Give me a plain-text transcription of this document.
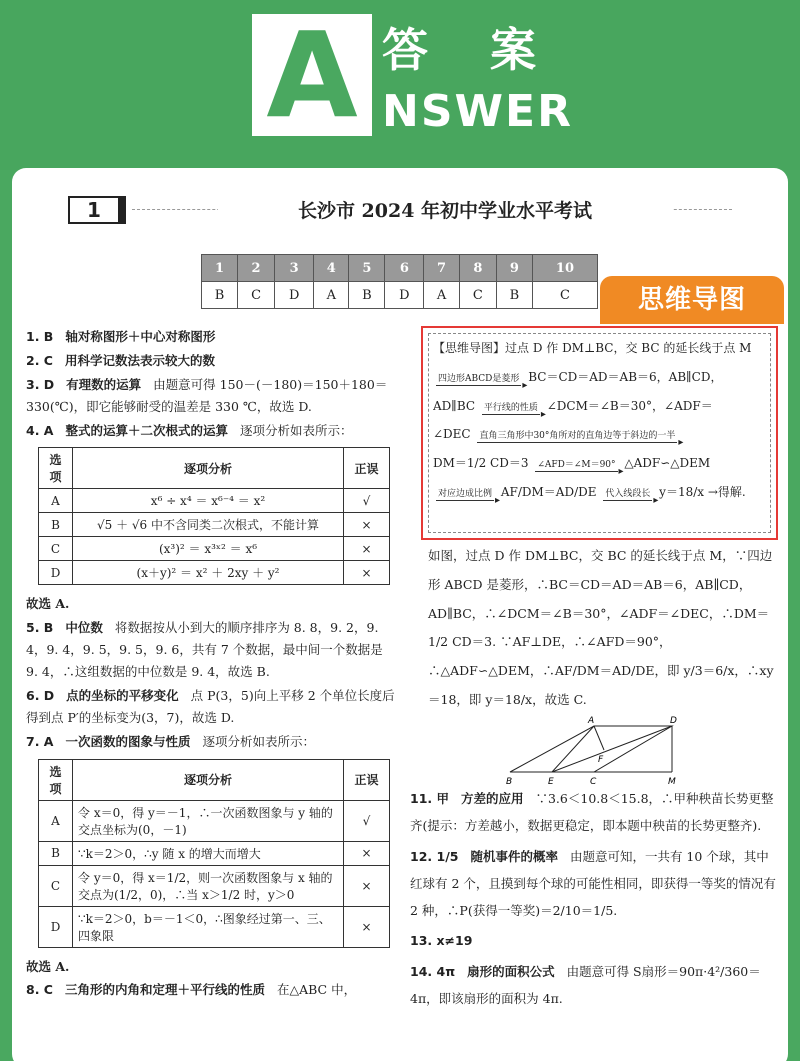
A 答案
NSWER
1	长沙市 2024 年初中学业水平考试
1	2	3	4	5	6	7	8	9	10
B	C	D	A	B	D	A	C	B	C	思维导图

1. B 轴对称图形＋中心对称图形

2. C 用科学记数法表示较大的数

3. D 有理数的运算 由题意可得 150－(－180)＝150＋180＝330(℃)，即它能够耐受的温差是 330 ℃，故选 D.

4. A 整式的运算＋二次根式的运算 逐项分析如表所示：

选项	逐项分析	正误
A	x⁶ ÷ x⁴ ＝ x⁶⁻⁴ ＝ x²	√
B	√5 ＋ √6 中不含同类二次根式，不能计算	×
C	(x³)² ＝ x³ˣ² ＝ x⁶	×
D	(x＋y)² ＝ x² ＋ 2xy ＋ y²	×

故选 A.

5. B 中位数 将数据按从小到大的顺序排序为 8. 8，9. 2，9. 4，9. 4，9. 5，9. 5，9. 6，共有 7 个数据，最中间一个数据是 9. 4，∴这组数据的中位数是 9. 4，故选 B.

6. D 点的坐标的平移变化 点 P(3，5)向上平移 2 个单位长度后得到点 P′的坐标变为(3，7)，故选 D.

7. A 一次函数的图象与性质 逐项分析如表所示：

选项	逐项分析	正误
A	令 x＝0，得 y＝－1，∴一次函数图象与 y 轴的交点坐标为(0，－1)	√
B	∵k＝2＞0，∴y 随 x 的增大而增大	×
C	令 y＝0，得 x＝1/2，则一次函数图象与 x 轴的交点为(1/2，0)，∴当 x＞1/2 时，y＞0	×
D	∵k＝2＞0，b＝－1＜0，∴图象经过第一、三、四象限	×

故选 A.

8. C 三角形的内角和定理＋平行线的性质 在△ABC 中，

【思维导图】过点 D 作 DM⊥BC，交 BC 的延长线于点 M
四边形ABCD是菱形 ▸ BC＝CD＝AD＝AB＝6，AB∥CD，
AD∥BC 平行线的性质 ▸ ∠DCM＝∠B＝30°，∠ADF＝
∠DEC 直角三角形中30°角所对的直角边等于斜边的一半 ▸
DM＝1/2 CD＝3 ∠AFD＝∠M＝90° ▸ △ADF∽△DEM
对应边成比例 ▸ AF/DM＝AD/DE 代入线段长 ▸ y＝18/x →得解.
如图，过点 D 作 DM⊥BC，交 BC 的延长线于点 M，∵四边形 ABCD 是菱形，∴BC＝CD＝AD＝AB＝6，AB∥CD，AD∥BC，∴∠DCM＝∠B＝30°，∠ADF＝∠DEC，∴DM＝1/2 CD＝3. ∵AF⊥DE，∴∠AFD＝90°，∴△ADF∽△DEM，∴AF/DM＝AD/DE，即 y/3＝6/x，∴xy＝18，即 y＝18/x，故选 C.
A	D
B	E	C	M
F

11. 甲 方差的应用 ∵3.6＜10.8＜15.8，∴甲种秧苗长势更整齐(提示：方差越小，数据更稳定，即本题中秧苗的长势更整齐).

12. 1/5 随机事件的概率 由题意可知，一共有 10 个球，其中红球有 2 个，且摸到每个球的可能性相同，即获得一等奖的情况有 2 种，∴P(获得一等奖)＝2/10＝1/5.

13. x≠19

14. 4π 扇形的面积公式 由题意可得 S扇形＝90π·4²/360＝4π，即该扇形的面积为 4π.
